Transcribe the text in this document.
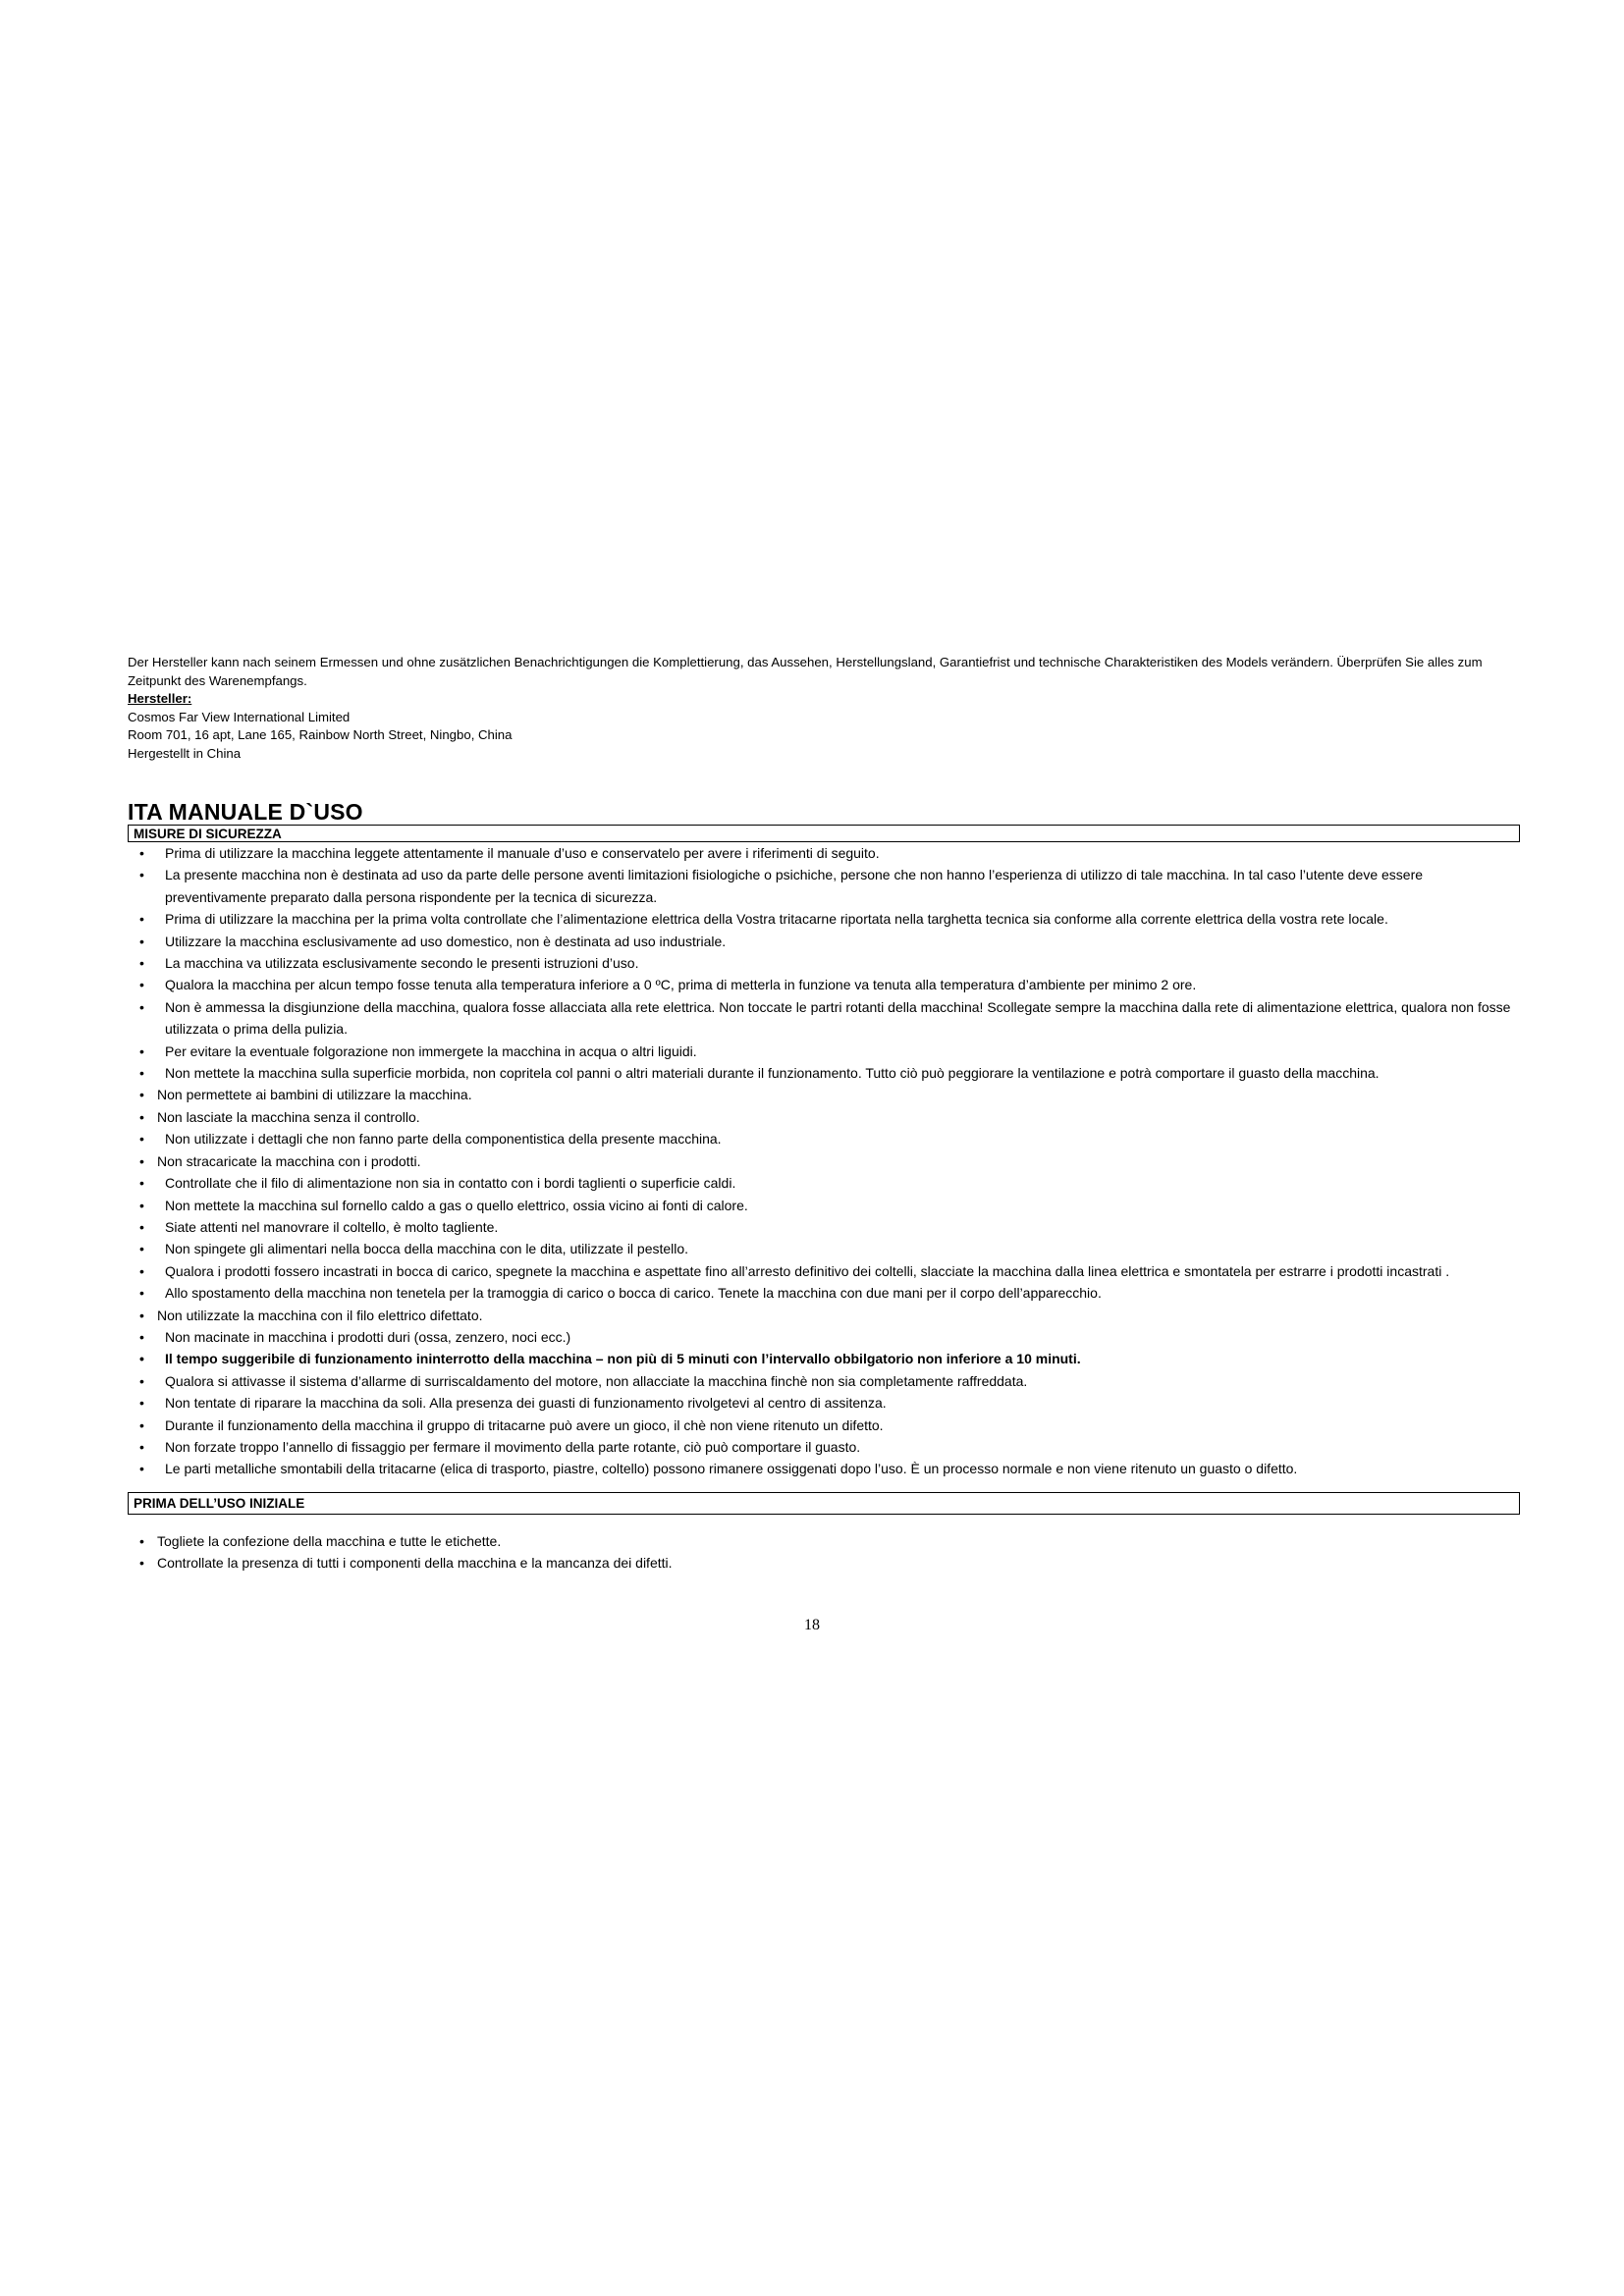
Der Hersteller kann nach seinem Ermessen und ohne zusätzlichen Benachrichtigungen die Komplettierung, das Aussehen, Herstellungsland, Garantiefrist und technische Charakteristiken des Models verändern. Überprüfen Sie alles zum Zeitpunkt des Warenempfangs.

Hersteller:

Cosmos Far View International Limited

Room 701, 16 apt, Lane 165, Rainbow North Street, Ningbo, China

Hergestellt in China

ITA MANUALE D`USO
MISURE DI SICUREZZA
• Prima di utilizzare la macchina leggete attentamente il manuale d’uso e conservatelo per avere i riferimenti di seguito.
• La presente macchina non è destinata ad uso da parte delle persone aventi limitazioni fisiologiche o psichiche, persone che non hanno l’esperienza di utilizzo di tale macchina. In tal caso l’utente deve essere preventivamente preparato dalla persona rispondente per la tecnica di sicurezza.
• Prima di utilizzare la macchina per la prima volta controllate che l’alimentazione elettrica della Vostra tritacarne riportata nella targhetta tecnica sia conforme alla corrente elettrica della vostra rete locale.
• Utilizzare la macchina esclusivamente ad uso domestico, non è destinata ad uso industriale.
• La macchina va utilizzata esclusivamente secondo le presenti istruzioni d’uso.
• Qualora la macchina per alcun tempo fosse tenuta alla temperatura inferiore a 0 ºC, prima di metterla in funzione va tenuta alla temperatura d’ambiente per minimo 2 ore.
• Non è ammessa la disgiunzione della macchina, qualora fosse allacciata alla rete elettrica. Non toccate le partri rotanti della macchina! Scollegate sempre la macchina dalla rete di alimentazione elettrica, qualora non fosse utilizzata o prima della pulizia.
• Per evitare la eventuale folgorazione non immergete la macchina in acqua o altri liguidi.
• Non mettete la macchina sulla superficie morbida, non copritela col panni o altri materiali durante il funzionamento. Tutto ciò può peggiorare la ventilazione e potrà comportare il guasto della macchina.
• Non permettete ai bambini di utilizzare la macchina.
• Non lasciate la macchina senza il controllo.
• Non utilizzate i dettagli che non fanno parte della componentistica della presente macchina.
• Non stracaricate la macchina con i prodotti.
• Controllate che il filo di alimentazione non sia in contatto con i bordi taglienti o superficie caldi.
• Non mettete la macchina sul fornello caldo a gas o quello elettrico, ossia vicino ai fonti di calore.
• Siate attenti nel manovrare il coltello, è molto tagliente.
• Non spingete gli alimentari nella bocca della macchina con le dita, utilizzate il pestello.
• Qualora i prodotti fossero incastrati in bocca di carico, spegnete la macchina e aspettate fino all’arresto definitivo dei coltelli, slacciate la macchina dalla linea elettrica e smontatela per estrarre i prodotti incastrati .
• Allo spostamento della macchina non tenetela per la tramoggia di carico o bocca di carico. Tenete la macchina con due mani per il corpo dell’apparecchio.
• Non utilizzate la macchina con il filo elettrico difettato.
• Non macinate in macchina i prodotti duri (ossa, zenzero, noci ecc.)
• Il tempo suggeribile di funzionamento ininterrotto della macchina – non più di 5 minuti con l’intervallo obbilgatorio non inferiore a 10 minuti.
• Qualora si attivasse il sistema d’allarme di surriscaldamento del motore, non allacciate la macchina finchè non sia completamente raffreddata.
• Non tentate di riparare la macchina da soli. Alla presenza dei guasti di funzionamento rivolgetevi al centro di assitenza.
• Durante il funzionamento della macchina il gruppo di tritacarne può avere un gioco, il chè non viene ritenuto un difetto.
• Non forzate troppo l’annello di fissaggio per fermare il movimento della parte rotante, ciò può comportare il guasto.
• Le parti metalliche smontabili della tritacarne (elica di trasporto, piastre, coltello) possono rimanere ossiggenati dopo l’uso. È un processo normale e non viene ritenuto un guasto o difetto.
PRIMA DELL’USO INIZIALE
• Togliete la confezione della macchina e tutte le etichette.
• Controllate la presenza di tutti i componenti della macchina e la mancanza dei difetti.
18
